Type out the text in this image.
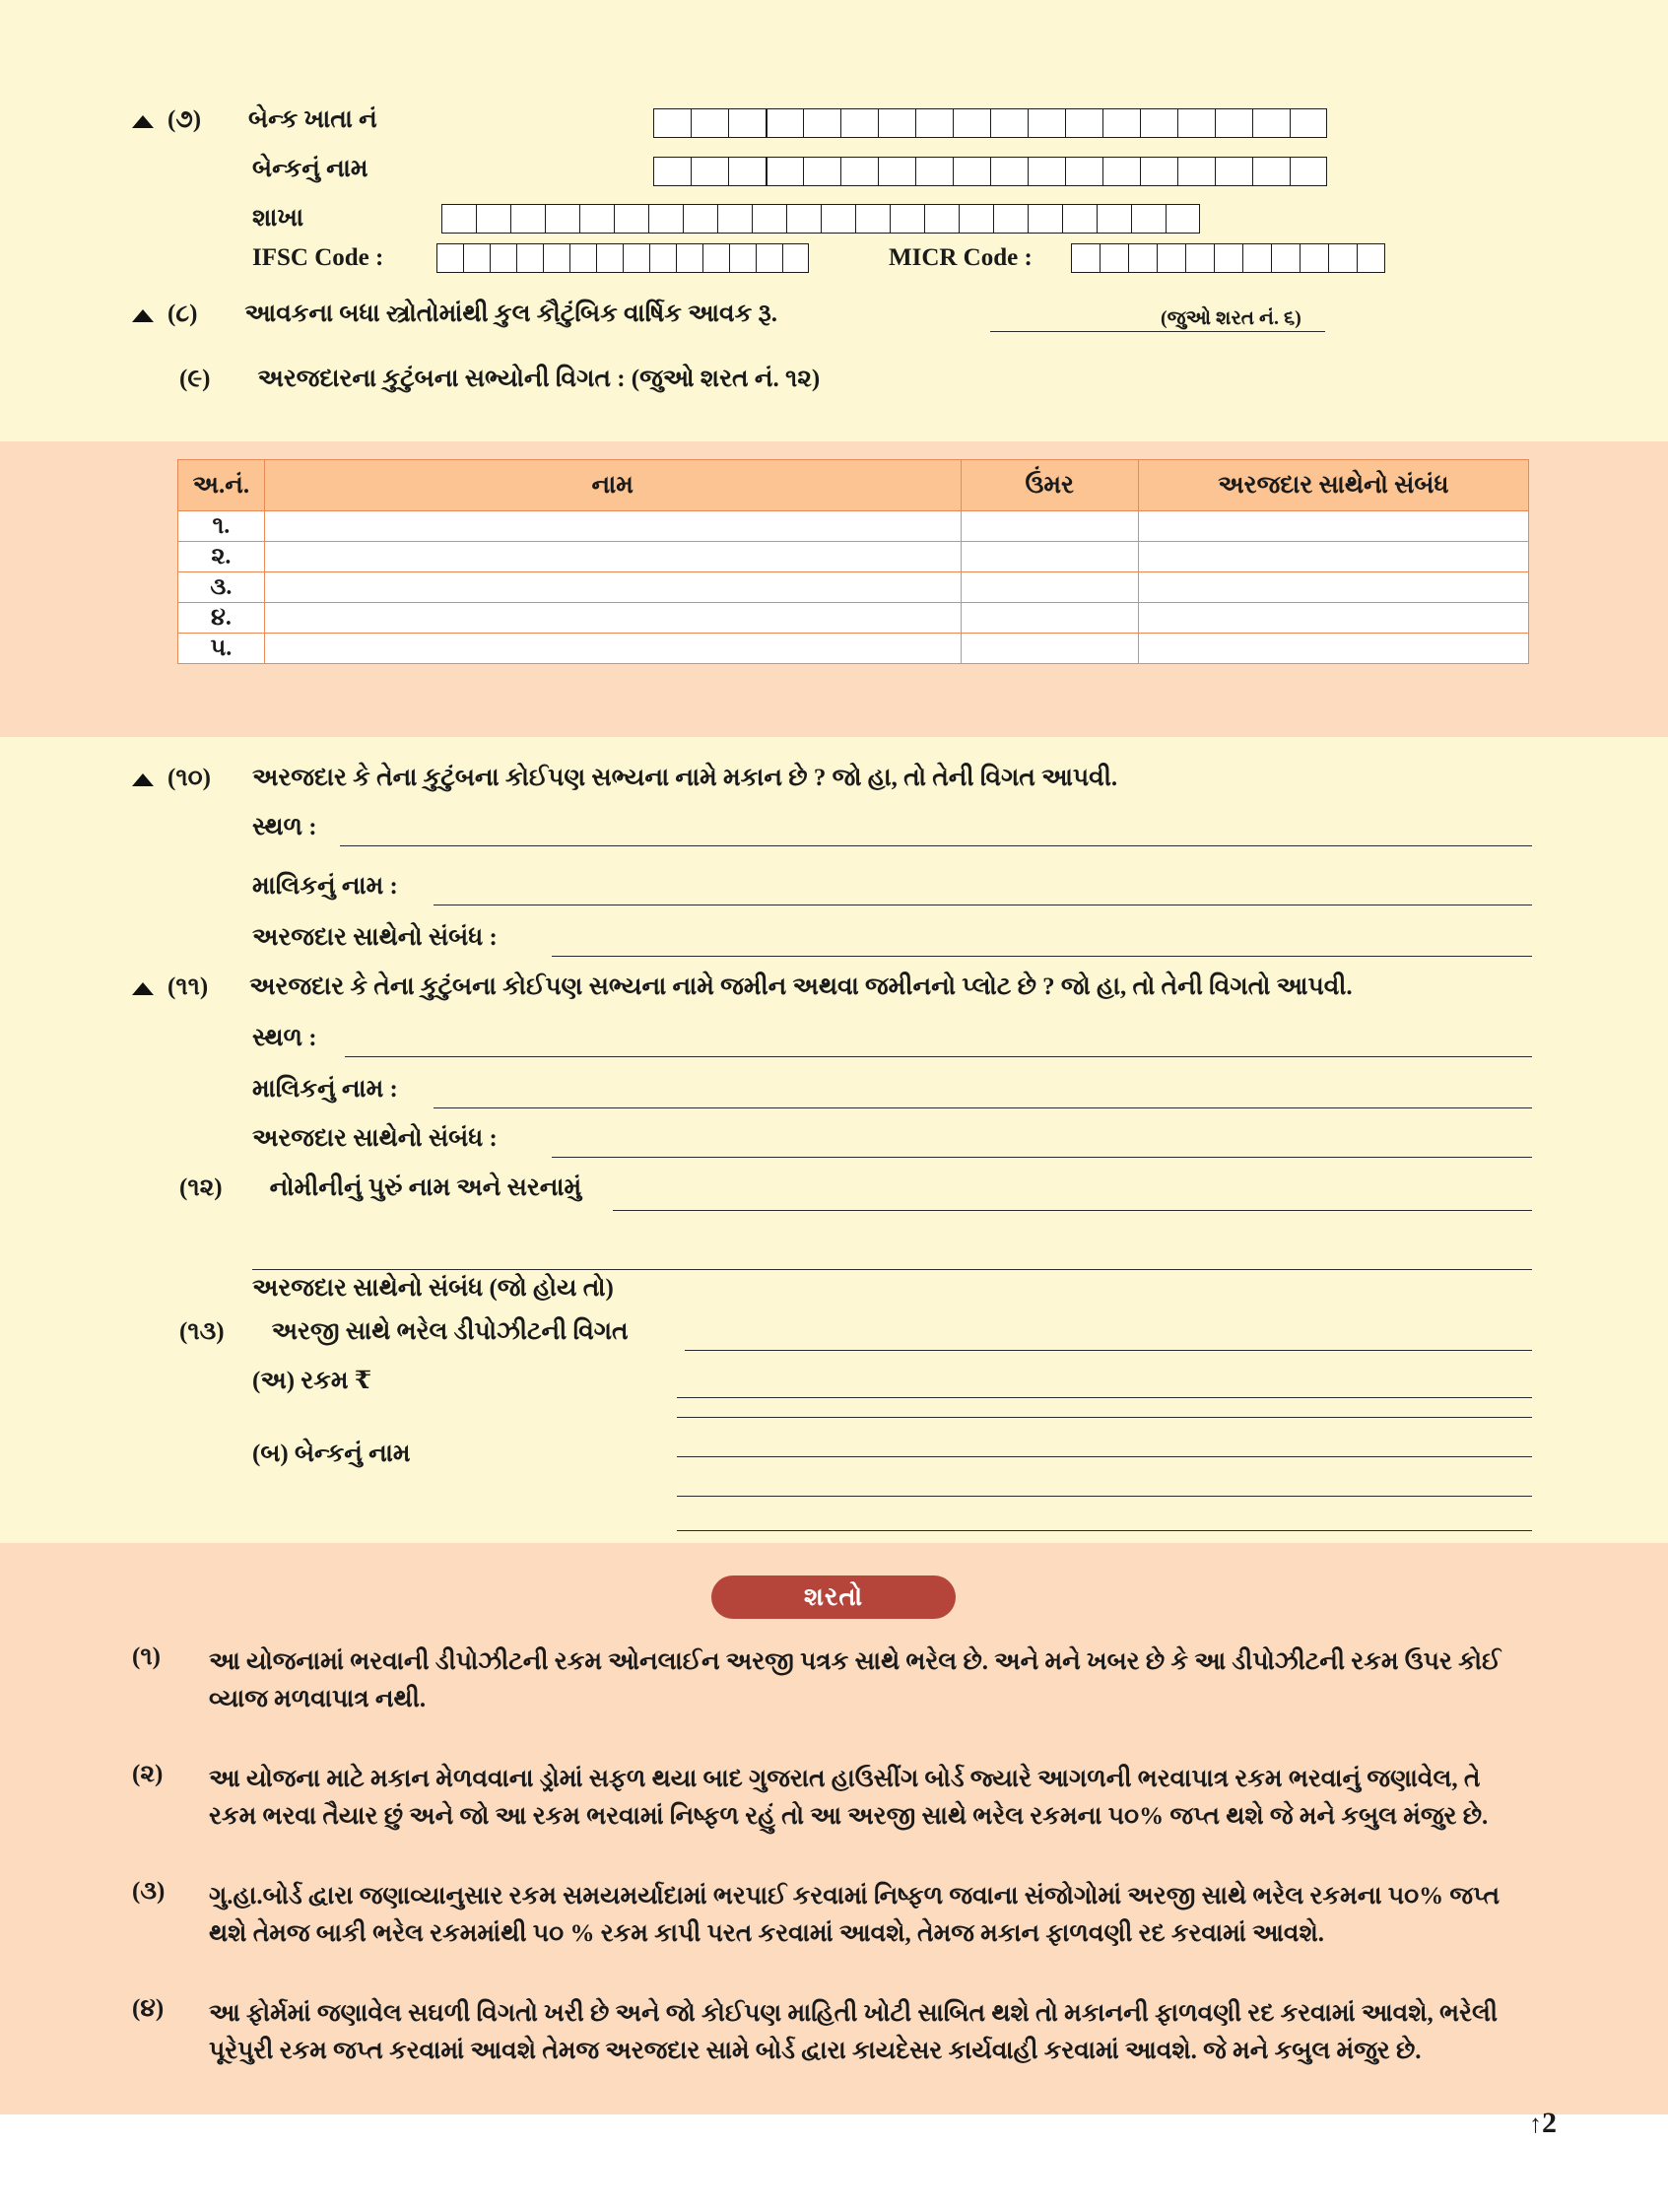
(૭) બેન્ક ખાતા નં
બેન્કનું નામ
શાખા
IFSC Code :	MICR Code :
(૮) આવકના બધા સ્ત્રોતોમાંથી કુલ કૌટુંબિક વાર્ષિક આવક રૂ.	(જુઓ શરત નં. ૬)
(૯) અરજદારના કુટુંબના સભ્યોની વિગત : (જુઓ શરત નં. ૧૨)
અ.નં.	નામ	ઉંમર	અરજદાર સાથેનો સંબંધ
૧.			
૨.			
૩.			
૪.			
૫.			
(૧૦) અરજદાર કે તેના કુટુંબના કોઈપણ સભ્યના નામે મકાન છે ? જો હા, તો તેની વિગત આપવી.
સ્થળ :
માલિકનું નામ :
અરજદાર સાથેનો સંબંધ :
(૧૧) અરજદાર કે તેના કુટુંબના કોઈપણ સભ્યના નામે જમીન અથવા જમીનનો પ્લોટ છે ? જો હા, તો તેની વિગતો આપવી.
સ્થળ :
માલિકનું નામ :
અરજદાર સાથેનો સંબંધ :
(૧૨) નોમીનીનું પુરું નામ અને સરનામું
અરજદાર સાથેનો સંબંધ (જો હોય તો)
(૧૩) અરજી સાથે ભરેલ ડીપોઝીટની વિગત
(અ) રકમ ₹
(બ) બેન્કનું નામ
શરતો
(૧)	આ યોજનામાં ભરવાની ડીપોઝીટની રકમ ઓનલાઈન અરજી પત્રક સાથે ભરેલ છે. અને મને ખબર છે કે આ ડીપોઝીટની રકમ ઉપર કોઈ
વ્યાજ મળવાપાત્ર નથી.
(૨)	આ યોજના માટે મકાન મેળવવાના ડ્રોમાં સફળ થયા બાદ ગુજરાત હાઉસીંગ બોર્ડ જ્યારે આગળની ભરવાપાત્ર રકમ ભરવાનું જણાવેલ, તે
રકમ ભરવા તૈયાર છું અને જો આ રકમ ભરવામાં નિષ્ફળ રહું તો આ અરજી સાથે ભરેલ રકમના ૫૦% જપ્ત થશે જે મને કબુલ મંજુર છે.
(૩)	ગુ.હા.બોર્ડ દ્વારા જણાવ્યાનુસાર રકમ સમયમર્યાદામાં ભરપાઈ કરવામાં નિષ્ફળ જવાના સંજોગોમાં અરજી સાથે ભરેલ રકમના ૫૦% જપ્ત
થશે તેમજ બાકી ભરેલ રકમમાંથી ૫૦ % રકમ કાપી પરત કરવામાં આવશે, તેમજ મકાન ફાળવણી રદ કરવામાં આવશે.
(૪)	આ ફોર્મમાં જણાવેલ સઘળી વિગતો ખરી છે અને જો કોઈપણ માહિતી ખોટી સાબિત થશે તો મકાનની ફાળવણી રદ કરવામાં આવશે, ભરેલી
પૂરેપુરી રકમ જપ્ત કરવામાં આવશે તેમજ અરજદાર સામે બોર્ડ દ્વારા કાયદેસર કાર્યવાહી કરવામાં આવશે. જે મને કબુલ મંજુર છે.
↑2
